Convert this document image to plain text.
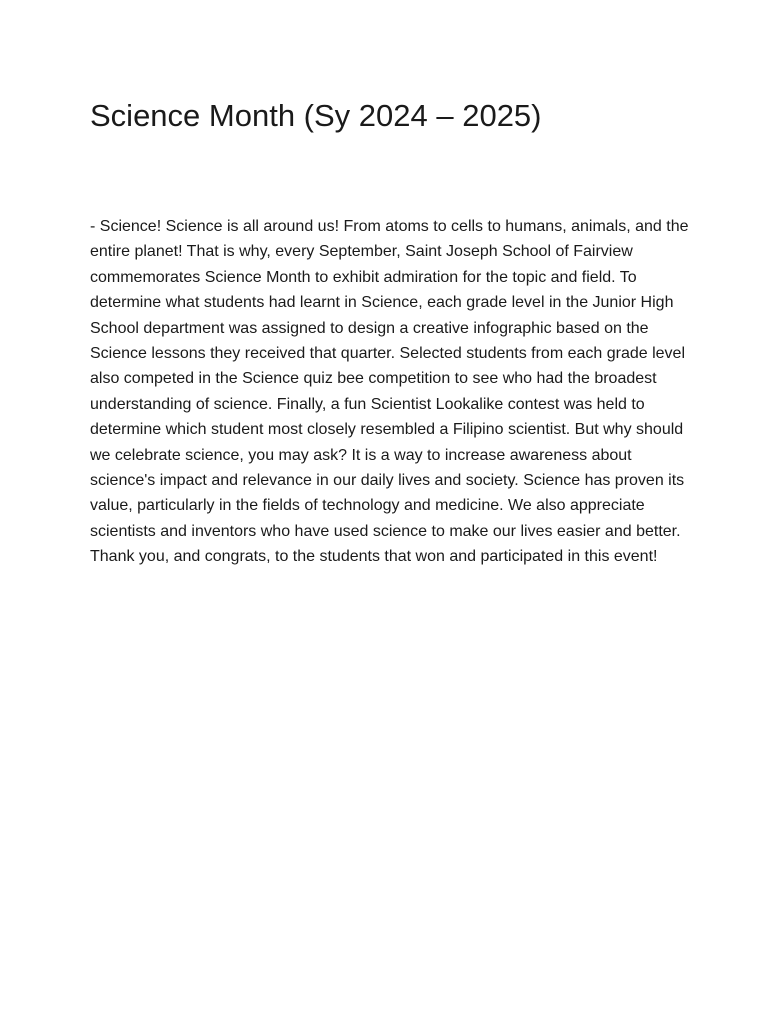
Science Month (Sy 2024 – 2025)

- Science! Science is all around us! From atoms to cells to humans, animals, and the entire planet! That is why, every September, Saint Joseph School of Fairview commemorates Science Month to exhibit admiration for the topic and field. To determine what students had learnt in Science, each grade level in the Junior High School department was assigned to design a creative infographic based on the Science lessons they received that quarter. Selected students from each grade level also competed in the Science quiz bee competition to see who had the broadest understanding of science. Finally, a fun Scientist Lookalike contest was held to determine which student most closely resembled a Filipino scientist. But why should we celebrate science, you may ask? It is a way to increase awareness about science's impact and relevance in our daily lives and society. Science has proven its value, particularly in the fields of technology and medicine. We also appreciate scientists and inventors who have used science to make our lives easier and better. Thank you, and congrats, to the students that won and participated in this event!
